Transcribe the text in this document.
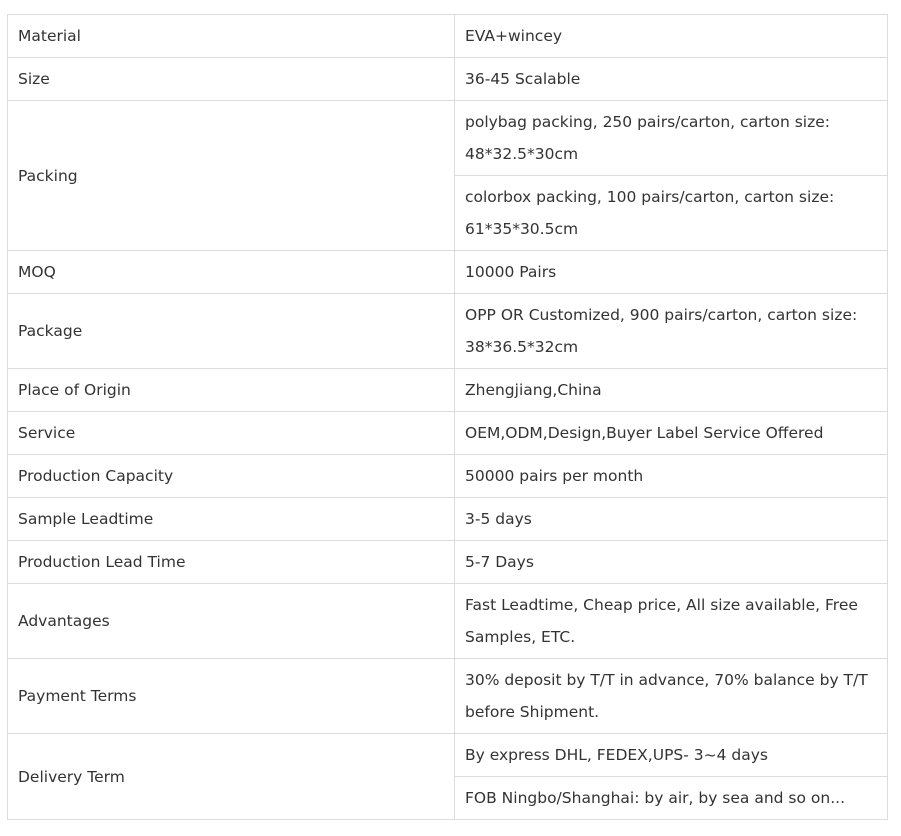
Material	EVA+wincey
Size	36-45 Scalable
Packing	polybag packing, 250 pairs/carton, carton size: 48*32.5*30cm
	colorbox packing, 100 pairs/carton, carton size: 61*35*30.5cm
MOQ	10000 Pairs
Package	OPP OR Customized, 900 pairs/carton, carton size: 38*36.5*32cm
Place of Origin	Zhengjiang,China
Service	OEM,ODM,Design,Buyer Label Service Offered
Production Capacity	50000 pairs per month
Sample Leadtime	3-5 days
Production Lead Time	5-7 Days
Advantages	Fast Leadtime, Cheap price, All size available, Free Samples, ETC.
Payment Terms	30% deposit by T/T in advance, 70% balance by T/T before Shipment.
Delivery Term	By express DHL, FEDEX,UPS- 3~4 days
	FOB Ningbo/Shanghai: by air, by sea and so on...
